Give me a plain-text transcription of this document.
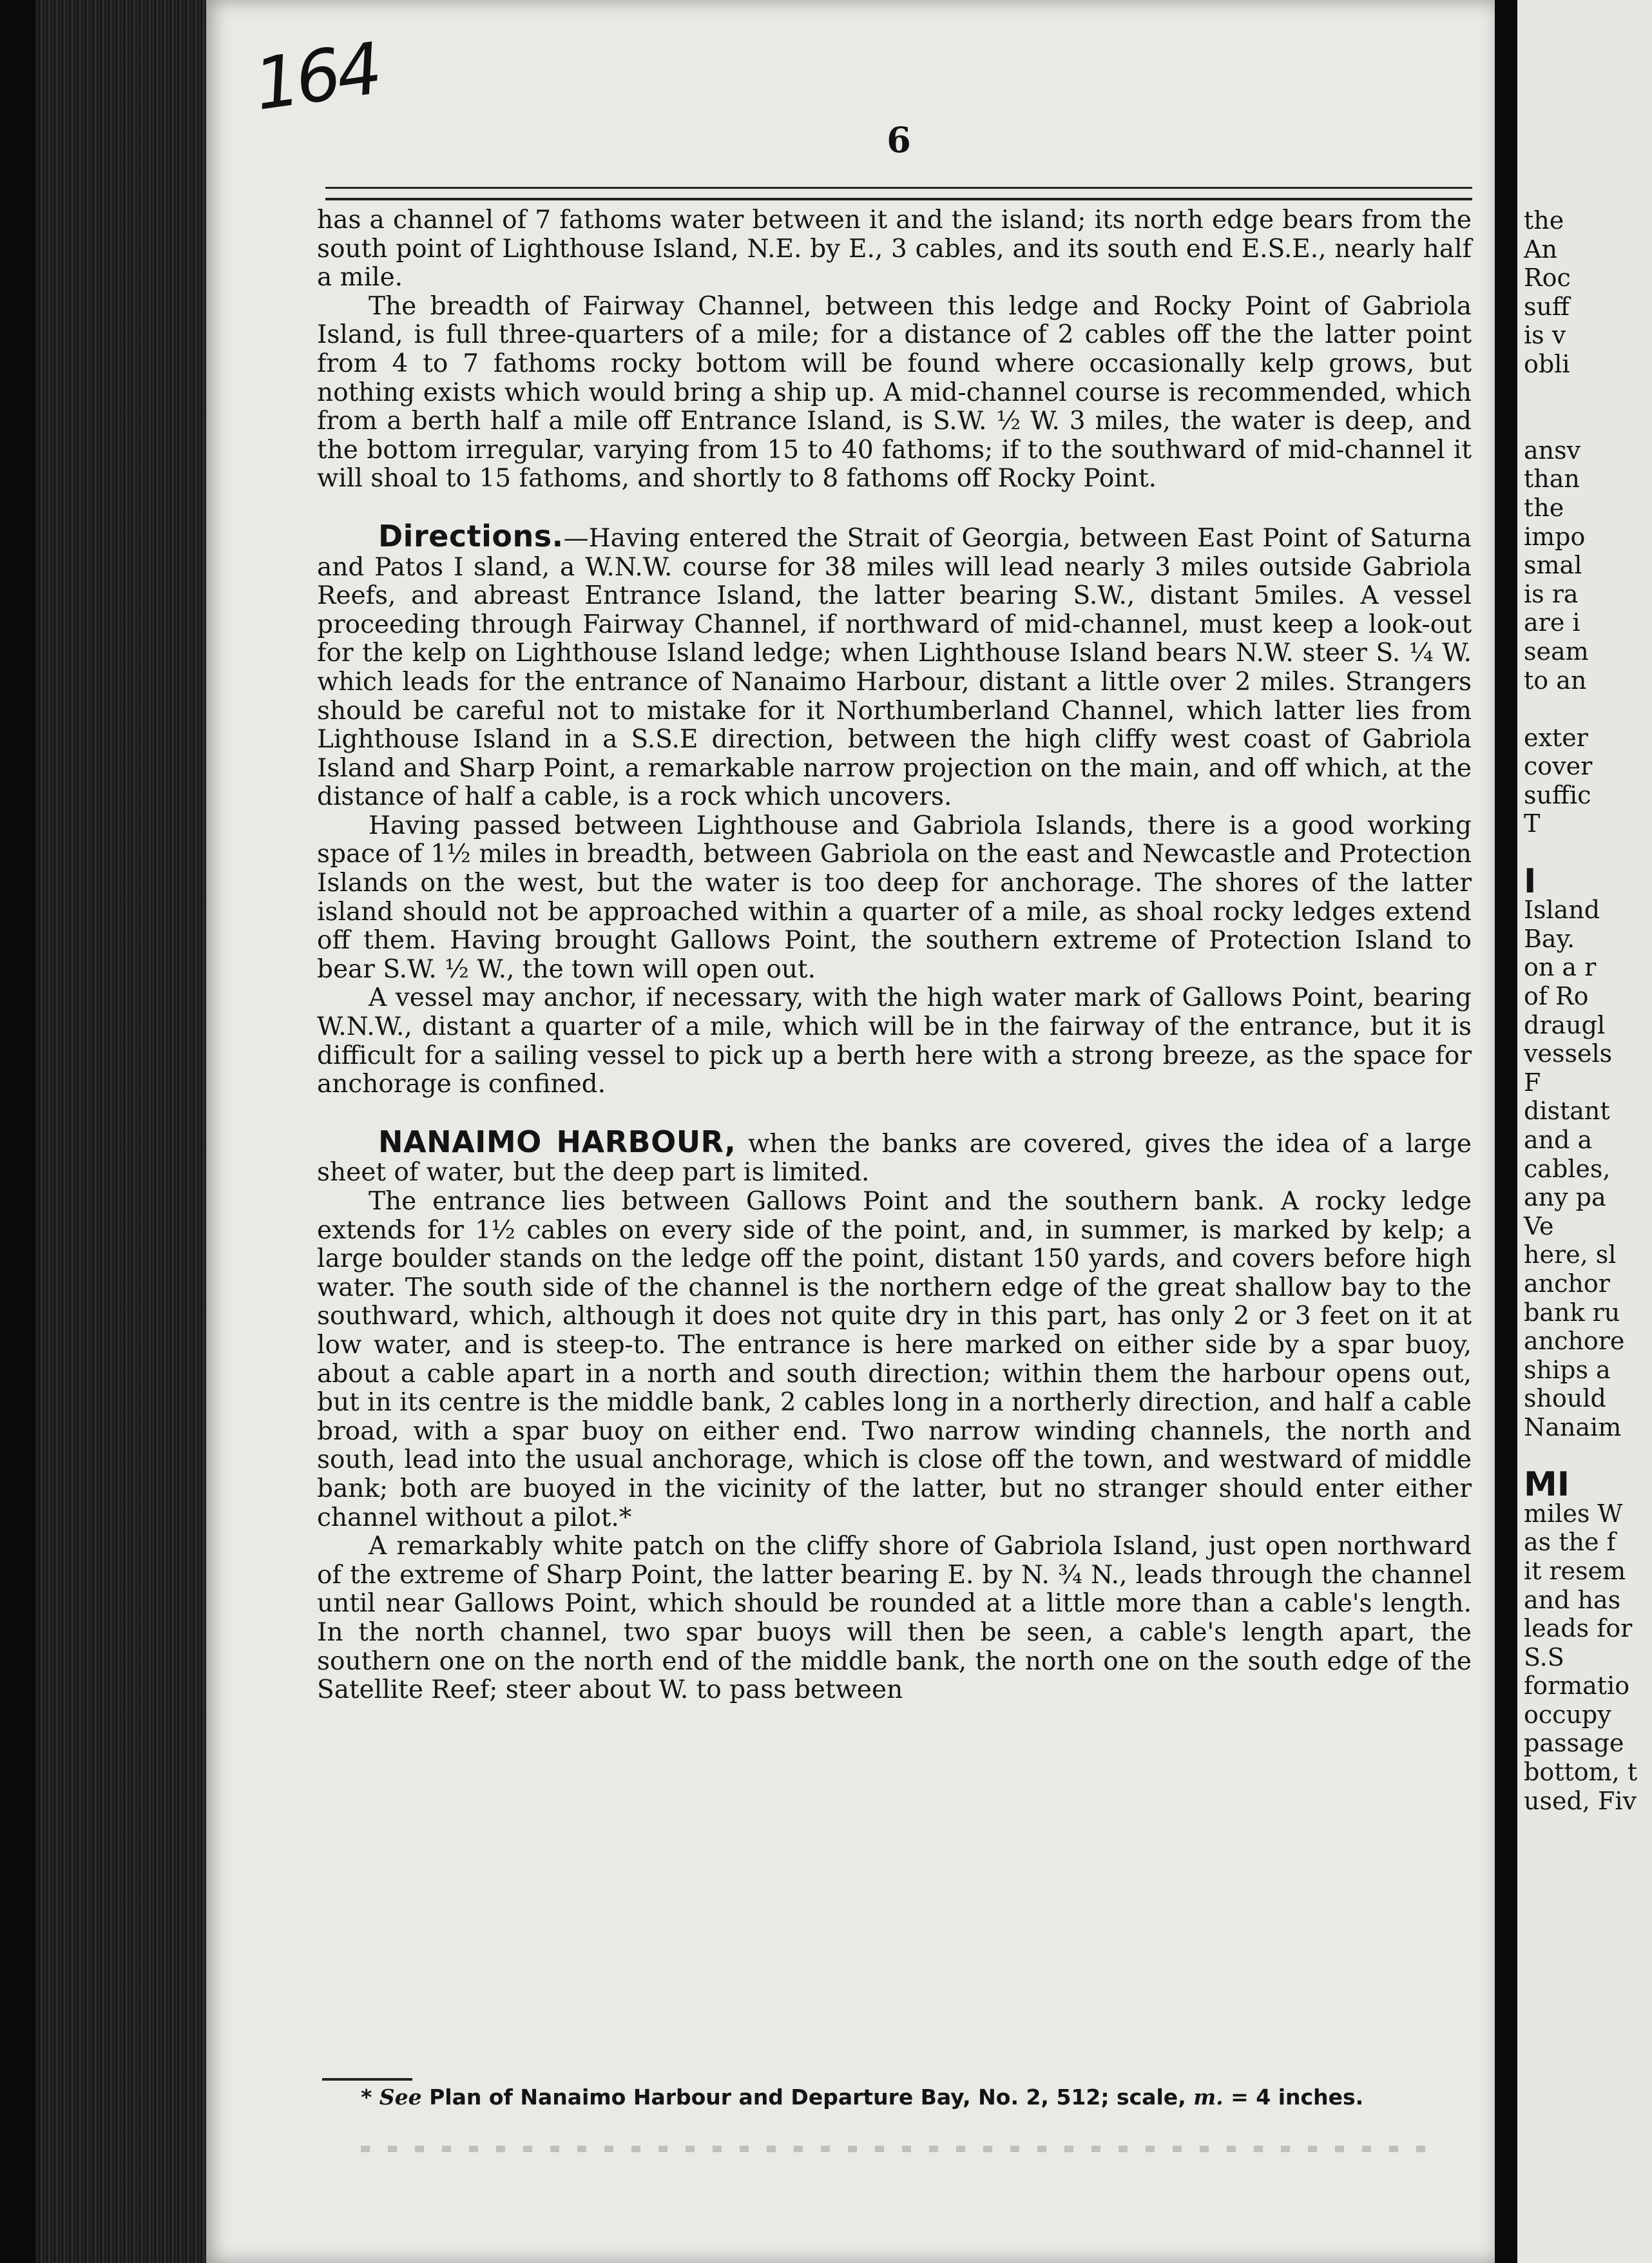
164
6

has a channel of 7 fathoms water between it and the island; its north edge bears from the south point of Lighthouse Island, N.E. by E., 3 cables, and its south end E.S.E., nearly half a mile.

The breadth of Fairway Channel, between this ledge and Rocky Point of Gabriola Island, is full three-quarters of a mile; for a distance of 2 cables off the the latter point from 4 to 7 fathoms rocky bottom will be found where occasionally kelp grows, but nothing exists which would bring a ship up. A mid-channel course is recommended, which from a berth half a mile off Entrance Island, is S.W. ½ W. 3 miles, the water is deep, and the bottom irregular, varying from 15 to 40 fathoms; if to the southward of mid-channel it will shoal to 15 fathoms, and shortly to 8 fathoms off Rocky Point.

Directions.—Having entered the Strait of Georgia, between East Point of Saturna and Patos I sland, a W.N.W. course for 38 miles will lead nearly 3 miles outside Gabriola Reefs, and abreast Entrance Island, the latter bearing S.W., distant 5miles. A vessel proceeding through Fairway Channel, if northward of mid-channel, must keep a look-out for the kelp on Lighthouse Island ledge; when Lighthouse Island bears N.W. steer S. ¼ W. which leads for the entrance of Nanaimo Harbour, distant a little over 2 miles. Strangers should be careful not to mistake for it Northumberland Channel, which latter lies from Lighthouse Island in a S.S.E direction, between the high cliffy west coast of Gabriola Island and Sharp Point, a remarkable narrow projection on the main, and off which, at the distance of half a cable, is a rock which uncovers.

Having passed between Lighthouse and Gabriola Islands, there is a good working space of 1½ miles in breadth, between Gabriola on the east and Newcastle and Protection Islands on the west, but the water is too deep for anchorage. The shores of the latter island should not be approached within a quarter of a mile, as shoal rocky ledges extend off them. Having brought Gallows Point, the southern extreme of Protection Island to bear S.W. ½ W., the town will open out.

A vessel may anchor, if necessary, with the high water mark of Gallows Point, bearing W.N.W., distant a quarter of a mile, which will be in the fairway of the entrance, but it is difficult for a sailing vessel to pick up a berth here with a strong breeze, as the space for anchorage is confined.

NANAIMO HARBOUR, when the banks are covered, gives the idea of a large sheet of water, but the deep part is limited.

The entrance lies between Gallows Point and the southern bank. A rocky ledge extends for 1½ cables on every side of the point, and, in summer, is marked by kelp; a large boulder stands on the ledge off the point, distant 150 yards, and covers before high water. The south side of the channel is the northern edge of the great shallow bay to the southward, which, although it does not quite dry in this part, has only 2 or 3 feet on it at low water, and is steep-to. The entrance is here marked on either side by a spar buoy, about a cable apart in a north and south direction; within them the harbour opens out, but in its centre is the middle bank, 2 cables long in a northerly direction, and half a cable broad, with a spar buoy on either end. Two narrow winding channels, the north and south, lead into the usual anchorage, which is close off the town, and westward of middle bank; both are buoyed in the vicinity of the latter, but no stranger should enter either channel without a pilot.*

A remarkably white patch on the cliffy shore of Gabriola Island, just open northward of the extreme of Sharp Point, the latter bearing E. by N. ¾ N., leads through the channel until near Gallows Point, which should be rounded at a little more than a cable's length. In the north channel, two spar buoys will then be seen, a cable's length apart, the southern one on the north end of the middle bank, the north one on the south edge of the Satellite Reef; steer about W. to pass between

* See Plan of Nanaimo Harbour and Departure Bay, No. 2, 512; scale, m. = 4 inches.
the
An
Roc
suff
is v
obli
ansv
than
the
impo
smal
is ra
are i
seam
to an
exter
cover
suffic
T
I
Island
Bay.
on a r
of Ro
draugl
vessels
F
distant
and a
cables,
any pa
Ve
here, sl
anchor
bank ru
anchore
ships a
should
Nanaim
MI
miles W
as the f
it resem
and has
leads for
S.S
formatio
occupy
passage
bottom, t
used, Fiv
